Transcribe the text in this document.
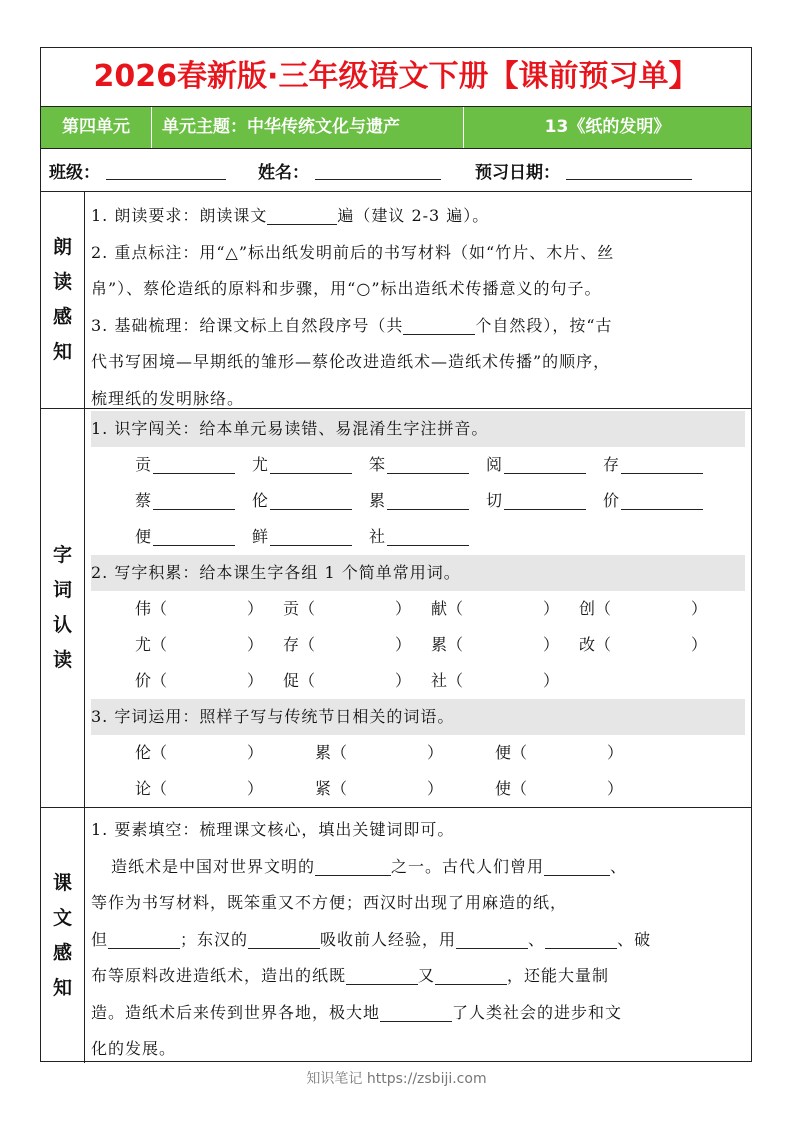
2026春新版·三年级语文下册【课前预习单】
第四单元	单元主题：中华传统文化与遗产	13《纸的发明》
班级：	姓名：	预习日期：
朗
读
感
知
1. 朗读要求：朗读课文	遍（建议 2-3 遍）。
2. 重点标注：用“△”标出纸发明前后的书写材料（如“竹片、木片、丝
帛”）、蔡伦造纸的原料和步骤，用“○”标出造纸术传播意义的句子。
3. 基础梳理：给课文标上自然段序号（共	个自然段），按“古
代书写困境—早期纸的雏形—蔡伦改进造纸术—造纸术传播”的顺序，
梳理纸的发明脉络。
字
词
认
读
1. 识字闯关：给本单元易读错、易混淆生字注拼音。
贡	尤	笨	阅	存
蔡	伦	累	切	价
便	鲜	社
2. 写字积累：给本课生字各组 1 个简单常用词。
伟（	）	贡（	）	献（	）	创（	）
尤（	）	存（	）	累（	）	改（	）
价（	）	促（	）	社（	）
3. 字词运用：照样子写与传统节日相关的词语。
伦（	）	累（	）	便（	）
论（	）	紧（	）	使（	）
课
文
感
知
1. 要素填空：梳理课文核心，填出关键词即可。
造纸术是中国对世界文明的	之一。古代人们曾用	、
等作为书写材料，既笨重又不方便；西汉时出现了用麻造的纸，
但	；东汉的	吸收前人经验，用	、	、破
布等原料改进造纸术，造出的纸既	又	，还能大量制
造。造纸术后来传到世界各地，极大地	了人类社会的进步和文
化的发展。
知识笔记 https://zsbiji.com
